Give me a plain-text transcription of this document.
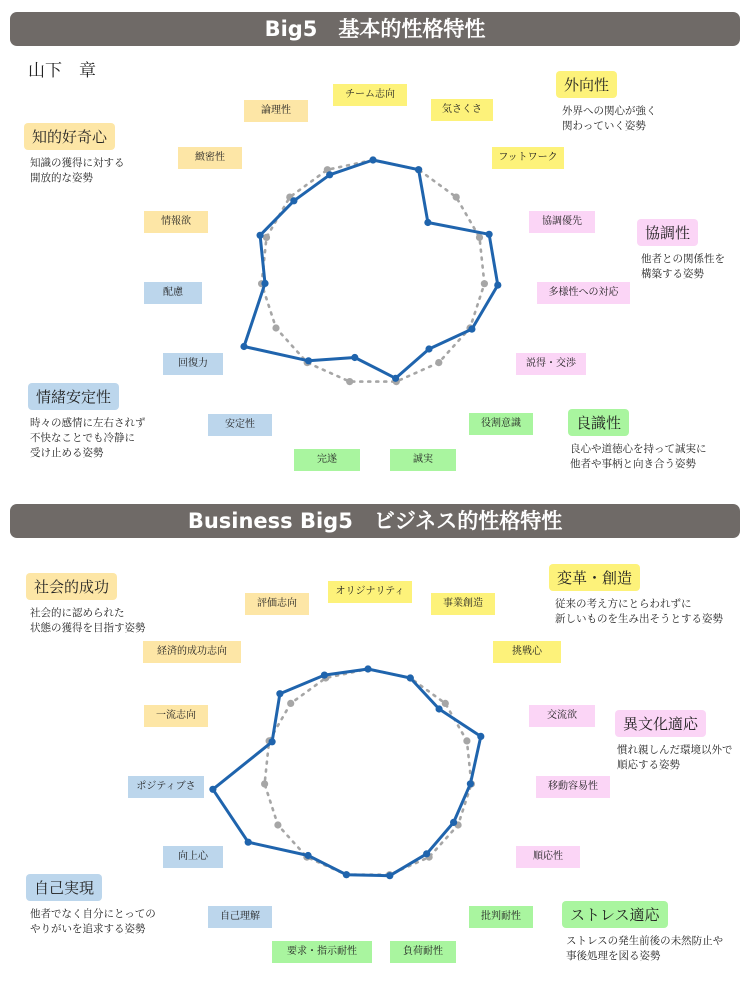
Big5　基本的性格特性
山下　章
チーム志向
気さくさ
フットワーク
協調優先
多様性への対応
説得・交渉
役割意識
誠実
完遂
安定性
回復力
配慮
情報欲
緻密性
論理性
外向性
外界への関心が強く
関わっていく姿勢
知的好奇心
知識の獲得に対する
開放的な姿勢
協調性
他者との関係性を
構築する姿勢
情緒安定性
時々の感情に左右されず
不快なことでも冷静に
受け止める姿勢
良識性
良心や道徳心を持って誠実に
他者や事柄と向き合う姿勢
Business Big5　ビジネス的性格特性
オリジナリティ
事業創造
挑戦心
交流欲
移動容易性
順応性
批判耐性
負荷耐性
要求・指示耐性
自己理解
向上心
ポジティブさ
一流志向
経済的成功志向
評価志向
社会的成功
社会的に認められた
状態の獲得を目指す姿勢
変革・創造
従来の考え方にとらわれずに
新しいものを生み出そうとする姿勢
異文化適応
慣れ親しんだ環境以外で
順応する姿勢
自己実現
他者でなく自分にとっての
やりがいを追求する姿勢
ストレス適応
ストレスの発生前後の未然防止や
事後処理を図る姿勢
